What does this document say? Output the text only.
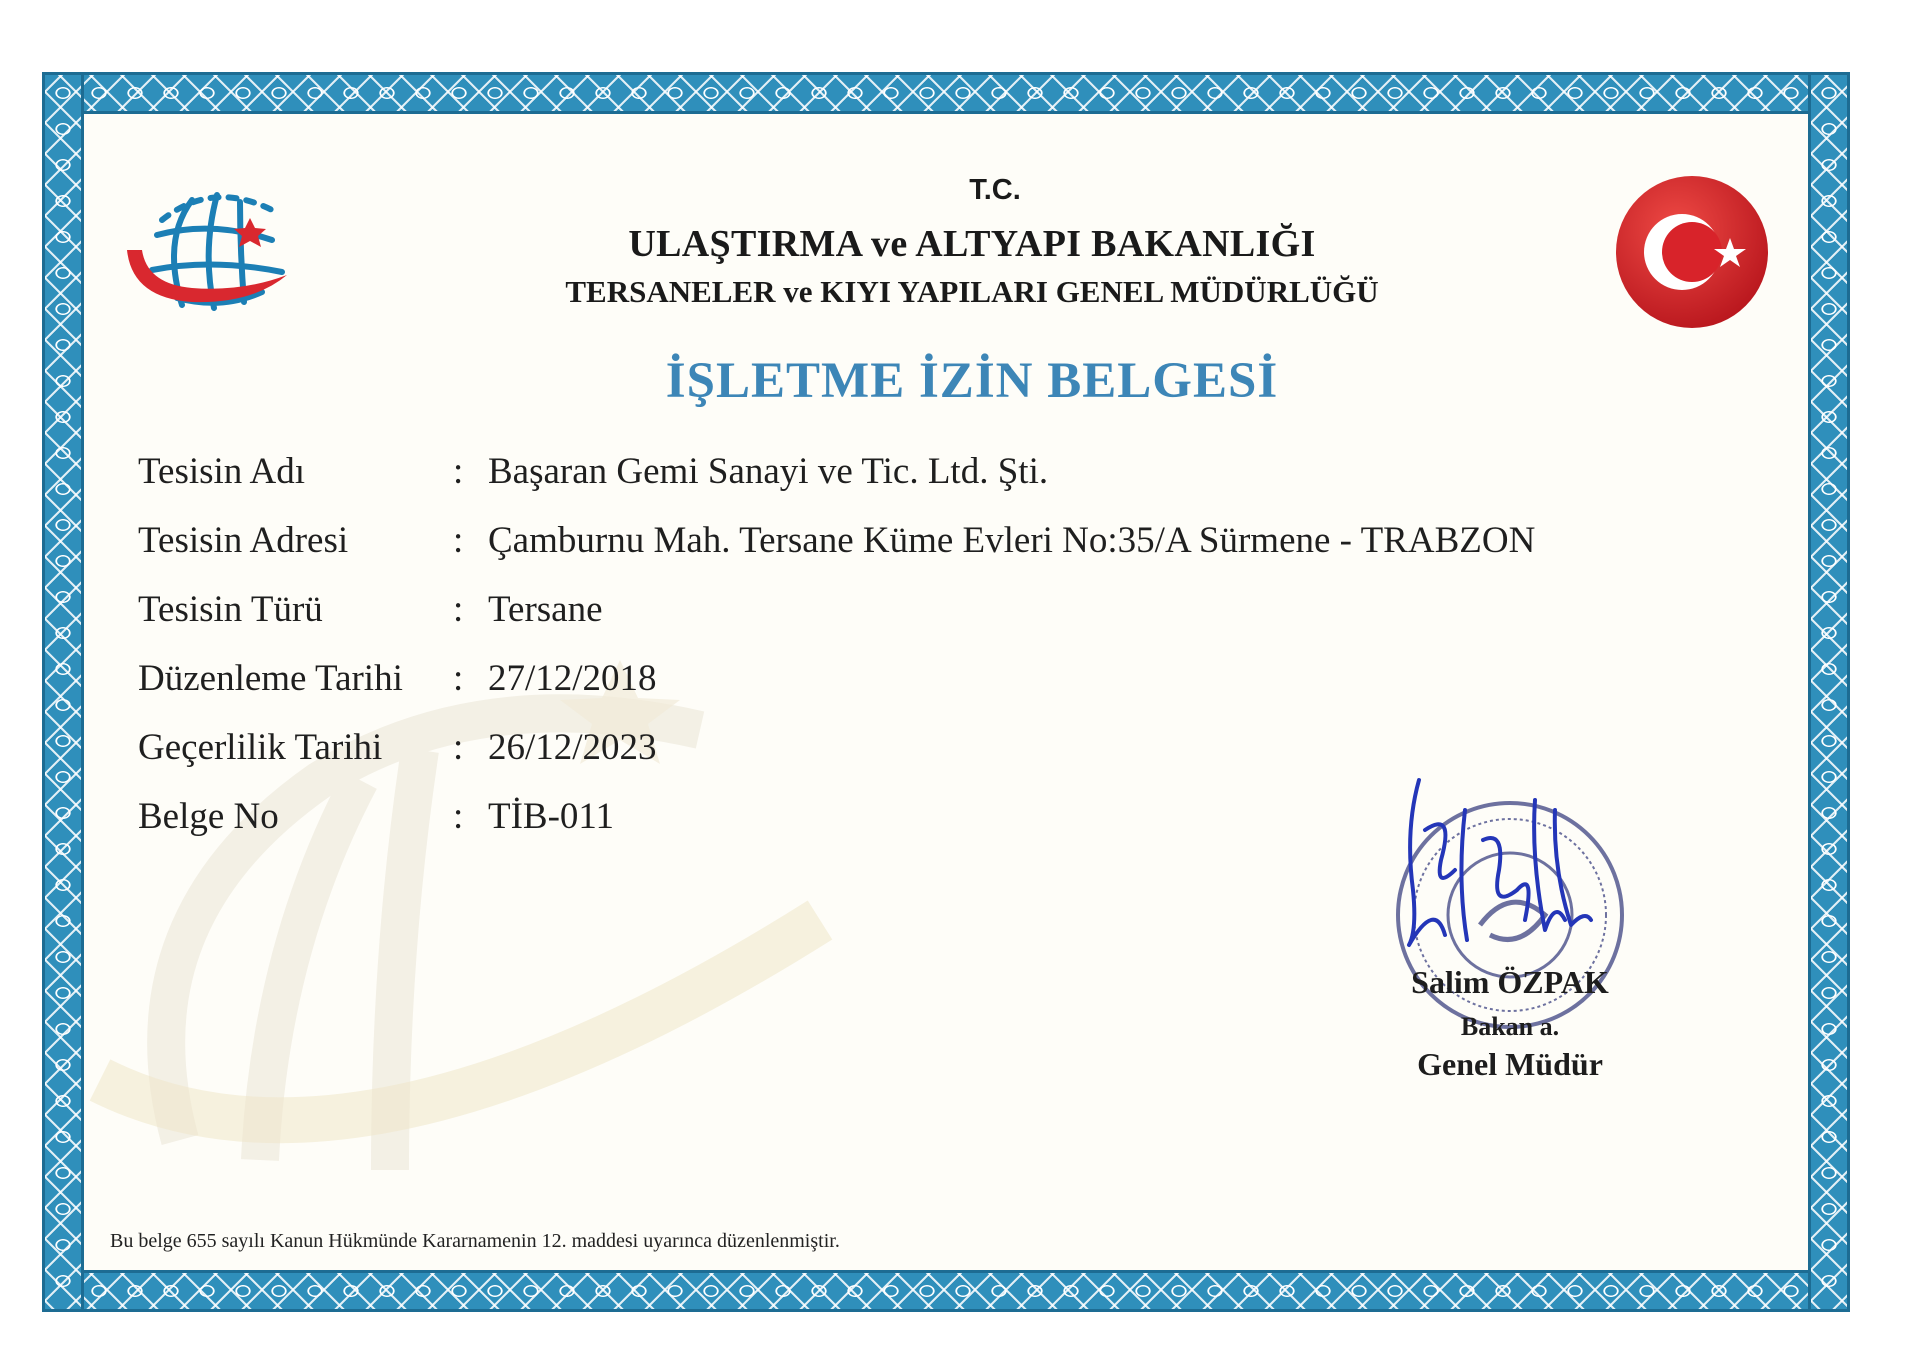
T.C.
ULAŞTIRMA ve ALTYAPI BAKANLIĞI
TERSANELER ve KIYI YAPILARI GENEL MÜDÜRLÜĞÜ
İŞLETME İZİN BELGESİ
Tesisin Adı	: Başaran Gemi Sanayi ve Tic. Ltd. Şti.
Tesisin Adresi	: Çamburnu Mah. Tersane Küme Evleri No:35/A Sürmene - TRABZON
Tesisin Türü	: Tersane
Düzenleme Tarihi : 27/12/2018
Geçerlilik Tarihi : 26/12/2023
Belge No	: TİB-011
Salim ÖZPAK
Bakan a.
Genel Müdür
Bu belge 655 sayılı Kanun Hükmünde Kararnamenin 12. maddesi uyarınca düzenlenmiştir.
